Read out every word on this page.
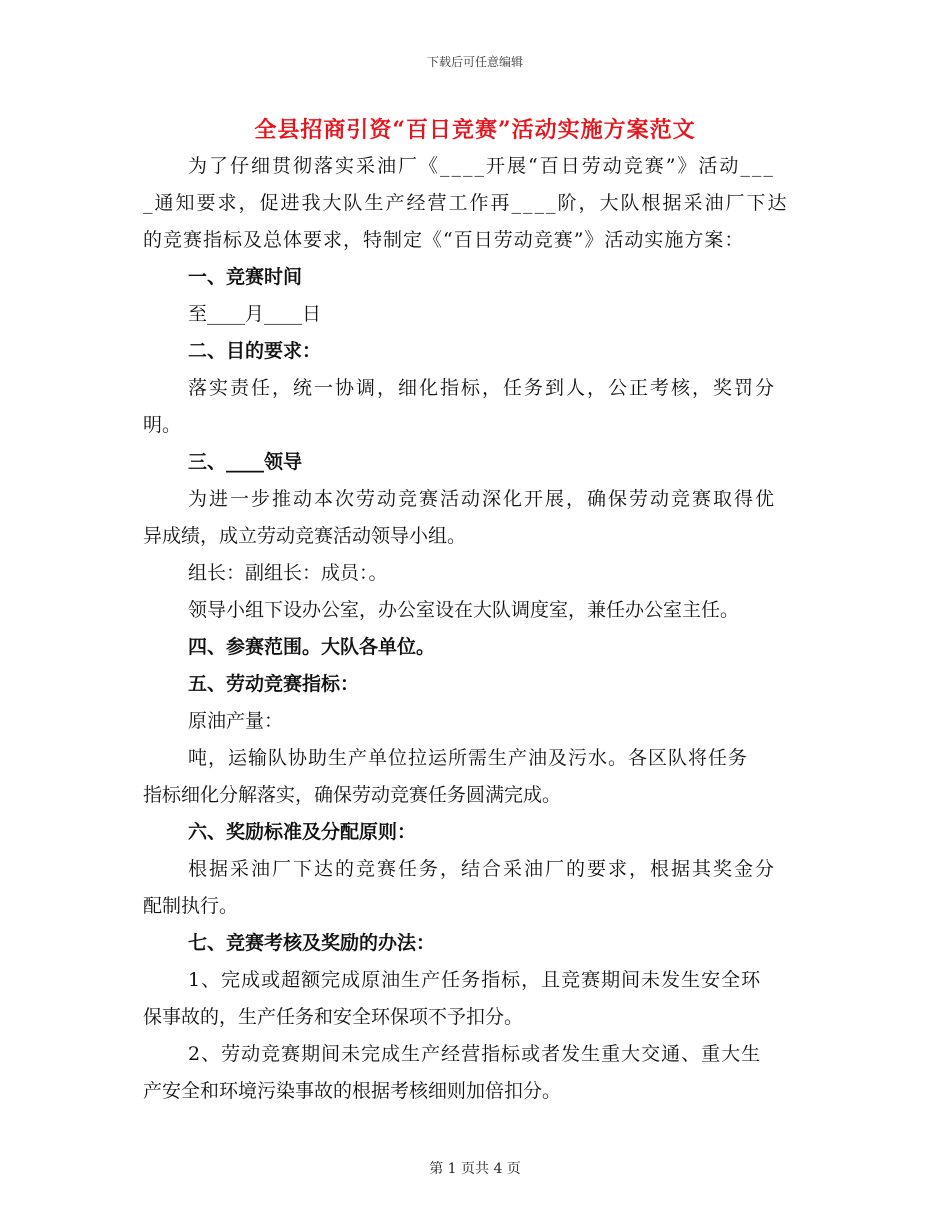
下载后可任意编辑
全县招商引资“百日竞赛”活动实施方案范文
为了仔细贯彻落实采油厂《____开展“百日劳动竞赛”》活动___
_通知要求，促进我大队生产经营工作再____阶，大队根据采油厂下达
的竞赛指标及总体要求，特制定《“百日劳动竞赛”》活动实施方案：
一、竞赛时间
至____月____日
二、目的要求：
落实责任，统一协调，细化指标，任务到人，公正考核，奖罚分
明。
三、____领导
为进一步推动本次劳动竞赛活动深化开展，确保劳动竞赛取得优
异成绩，成立劳动竞赛活动领导小组。
组长：副组长：成员：。
领导小组下设办公室，办公室设在大队调度室，兼任办公室主任。
四、参赛范围。大队各单位。
五、劳动竞赛指标：
原油产量：
吨，运输队协助生产单位拉运所需生产油及污水。各区队将任务
指标细化分解落实，确保劳动竞赛任务圆满完成。
六、奖励标准及分配原则：
根据采油厂下达的竞赛任务，结合采油厂的要求，根据其奖金分
配制执行。
七、竞赛考核及奖励的办法：
1、完成或超额完成原油生产任务指标，且竞赛期间未发生安全环
保事故的，生产任务和安全环保项不予扣分。
2、劳动竞赛期间未完成生产经营指标或者发生重大交通、重大生
产安全和环境污染事故的根据考核细则加倍扣分。
第 1 页共 4 页
